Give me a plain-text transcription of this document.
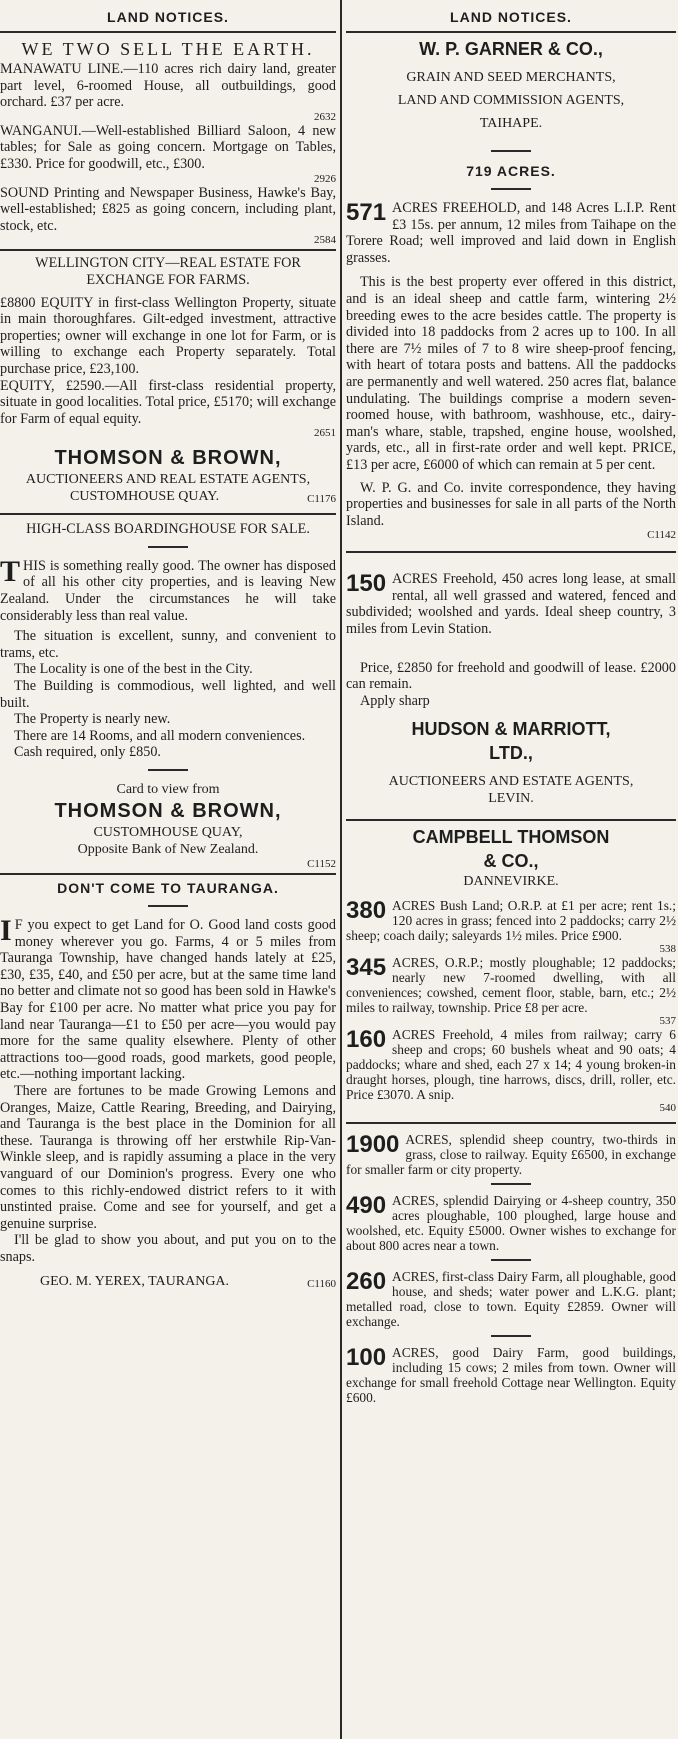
LAND NOTICES.
WE TWO SELL THE EARTH.

MANAWATU LINE.—110 acres rich dairy land, greater part level, 6-roomed House, all outbuildings, good orchard. £37 per acre.

2632

WANGANUI.—Well-established Billiard Saloon, 4 new tables; for Sale as going concern. Mortgage on Tables, £330. Price for goodwill, etc., £300.

2926

SOUND Printing and Newspaper Business, Hawke's Bay, well-established; £825 as going concern, including plant, stock, etc.

2584

WELLINGTON CITY—REAL ESTATE FOR EXCHANGE FOR FARMS.

£8800 EQUITY in first-class Wellington Property, situate in main thoroughfares. Gilt-edged investment, attractive properties; owner will exchange in one lot for Farm, or is willing to exchange each Property separately. Total purchase price, £23,100.

EQUITY, £2590.—All first-class residential property, situate in good localities. Total price, £5170; will exchange for Farm of equal equity.

2651
THOMSON & BROWN,
AUCTIONEERS AND REAL ESTATE AGENTS,
CUSTOMHOUSE QUAY.	C1176

HIGH-CLASS BOARDINGHOUSE FOR SALE.

THIS is something really good. The owner has disposed of all his other city properties, and is leaving New Zealand. Under the circumstances he will take considerably less than real value.

The situation is excellent, sunny, and convenient to trams, etc.

The Locality is one of the best in the City.

The Building is commodious, well lighted, and well built.

The Property is nearly new.

There are 14 Rooms, and all modern conveniences.

Cash required, only £850.

Card to view from
THOMSON & BROWN,
CUSTOMHOUSE QUAY,
Opposite Bank of New Zealand.
C1152
DON'T COME TO TAURANGA.

I F you expect to get Land for O. Good land costs good money wherever you go. Farms, 4 or 5 miles from Tauranga Township, have changed hands lately at £25, £30, £35, £40, and £50 per acre, but at the same time land no better and climate not so good has been sold in Hawke's Bay for £100 per acre. No matter what price you pay for land near Tauranga—£1 to £50 per acre—you would pay more for the same quality elsewhere. Plenty of other attractions too—good roads, good markets, good people, etc.—nothing important lacking.

There are fortunes to be made Growing Lemons and Oranges, Maize, Cattle Rearing, Breeding, and Dairying, and Tauranga is the best place in the Dominion for all these. Tauranga is throwing off her erstwhile Rip-Van-Winkle sleep, and is rapidly assuming a place in the very vanguard of our Dominion's progress. Every one who comes to this richly-endowed district refers to it with unstinted praise. Come and see for yourself, and get a genuine surprise.

I'll be glad to show you about, and put you on to the snaps.

GEO. M. YEREX, TAURANGA.	C1160
LAND NOTICES.
W. P. GARNER & CO.,
GRAIN AND SEED MERCHANTS,
LAND AND COMMISSION AGENTS,
TAIHAPE.
719 ACRES.

571 ACRES FREEHOLD, and 148 Acres L.I.P. Rent £3 15s. per annum, 12 miles from Taihape on the Torere Road; well improved and laid down in English grasses.

This is the best property ever offered in this district, and is an ideal sheep and cattle farm, wintering 2½ breeding ewes to the acre besides cattle. The property is divided into 18 paddocks from 2 acres up to 100. In all there are 7½ miles of 7 to 8 wire sheep-proof fencing, with heart of totara posts and battens. All the paddocks are permanently and well watered. 250 acres flat, balance undulating. The buildings comprise a modern seven-roomed house, with bathroom, washhouse, etc., dairy-man's whare, stable, trapshed, engine house, woolshed, yards, etc., all in first-rate order and well kept. PRICE, £13 per acre, £6000 of which can remain at 5 per cent.

W. P. G. and Co. invite correspondence, they having properties and businesses for sale in all parts of the North Island.

C1142

150 ACRES Freehold, 450 acres long lease, at small rental, all well grassed and watered, fenced and subdivided; woolshed and yards. Ideal sheep country, 3 miles from Levin Station.

Price, £2850 for freehold and goodwill of lease. £2000 can remain.

Apply sharp

HUDSON & MARRIOTT,
LTD.,
AUCTIONEERS AND ESTATE AGENTS,
LEVIN.
CAMPBELL THOMSON
& CO.,
DANNEVIRKE.

380 ACRES Bush Land; O.R.P. at £1 per acre; rent 1s.; 120 acres in grass; fenced into 2 paddocks; carry 2½ sheep; coach daily; saleyards 1½ miles. Price £900.

538

345 ACRES, O.R.P.; mostly ploughable; 12 paddocks; nearly new 7-roomed dwelling, with all conveniences; cowshed, cement floor, stable, barn, etc.; 2½ miles to railway, township. Price £8 per acre.

537

160 ACRES Freehold, 4 miles from railway; carry 6 sheep and crops; 60 bushels wheat and 90 oats; 4 paddocks; whare and shed, each 27 x 14; 4 young broken-in draught horses, plough, tine harrows, discs, drill, roller, etc. Price £3070. A snip.

540

1900 ACRES, splendid sheep country, two-thirds in grass, close to railway. Equity £6500, in exchange for smaller farm or city property.

490 ACRES, splendid Dairying or 4-sheep country, 350 acres ploughable, 100 ploughed, large house and woolshed, etc. Equity £5000. Owner wishes to exchange for about 800 acres near a town.

260 ACRES, first-class Dairy Farm, all ploughable, good house, and sheds; water power and L.K.G. plant; metalled road, close to town. Equity £2859. Owner will exchange.

100 ACRES, good Dairy Farm, good buildings, including 15 cows; 2 miles from town. Owner will exchange for small freehold Cottage near Wellington. Equity £600.
